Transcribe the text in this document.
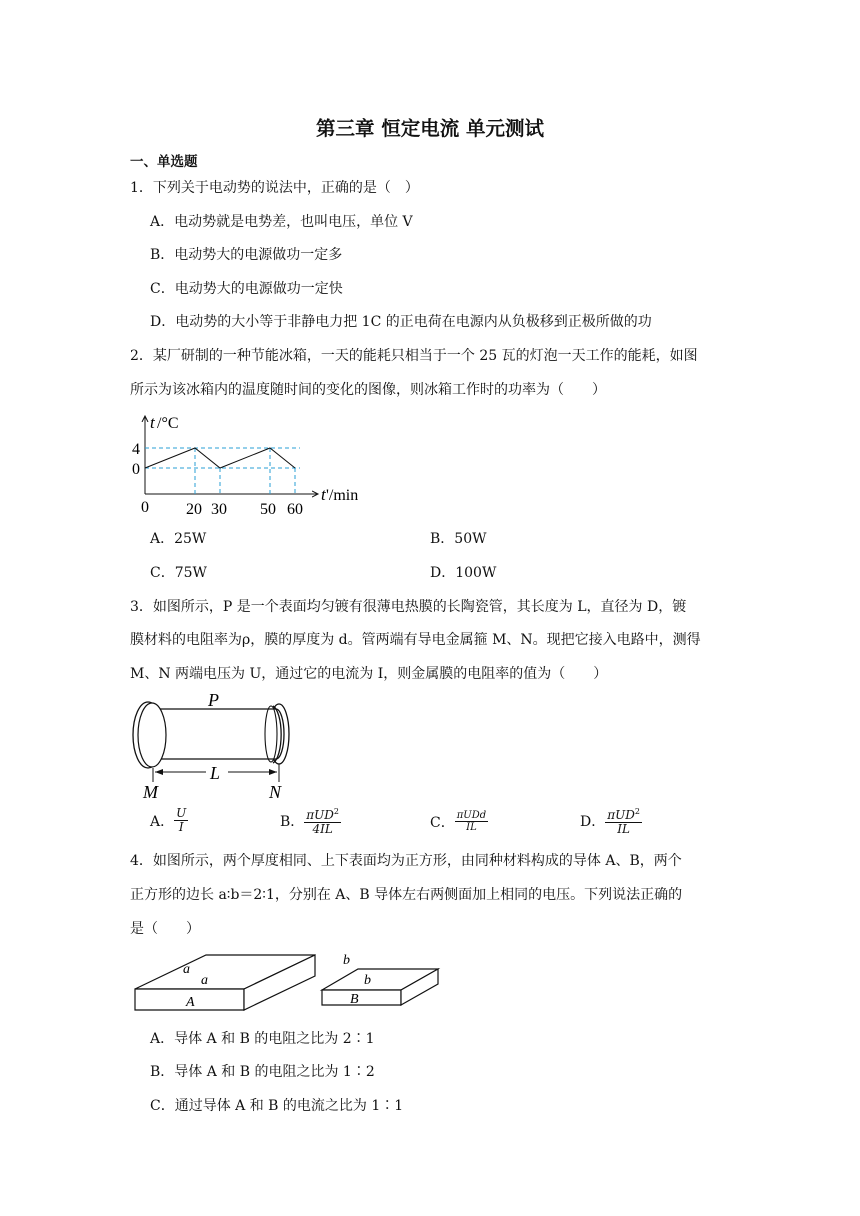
第三章 恒定电流 单元测试
一、单选题
1．下列关于电动势的说法中，正确的是（　）
A．电动势就是电势差，也叫电压，单位 V
B．电动势大的电源做功一定多
C．电动势大的电源做功一定快
D．电动势的大小等于非静电力把 1C 的正电荷在电源内从负极移到正极所做的功
2．某厂研制的一种节能冰箱，一天的能耗只相当于一个 25 瓦的灯泡一天工作的能耗，如图
所示为该冰箱内的温度随时间的变化的图像，则冰箱工作时的功率为（　　）
t /°C
4
0
t '/min
0 20 30 50 60
A．25W	B．50W
C．75W	D．100W
3．如图所示，P 是一个表面均匀镀有很薄电热膜的长陶瓷管，其长度为 L，直径为 D，镀
膜材料的电阻率为ρ，膜的厚度为 d。管两端有导电金属箍 M、N。现把它接入电路中，测得
M、N 两端电压为 U，通过它的电流为 I，则金属膜的电阻率的值为（　　）
P
L
M	N
A． $\frac{U}{I}$	B． $\frac{\pi UD^2}{4IL}$	C． $\frac{\text{πUDd}}{IL}$	D． $\frac{\pi UD^2}{IL}$
4．如图所示，两个厚度相同、上下表面均为正方形，由同种材料构成的导体 A、B，两个
正方形的边长 a∶b＝2∶1，分别在 A、B 导体左右两侧面加上相同的电压。下列说法正确的
是（　　）
a
a
A
b
b
B
A．导体 A 和 B 的电阻之比为 2∶1
B．导体 A 和 B 的电阻之比为 1∶2
C．通过导体 A 和 B 的电流之比为 1∶1
